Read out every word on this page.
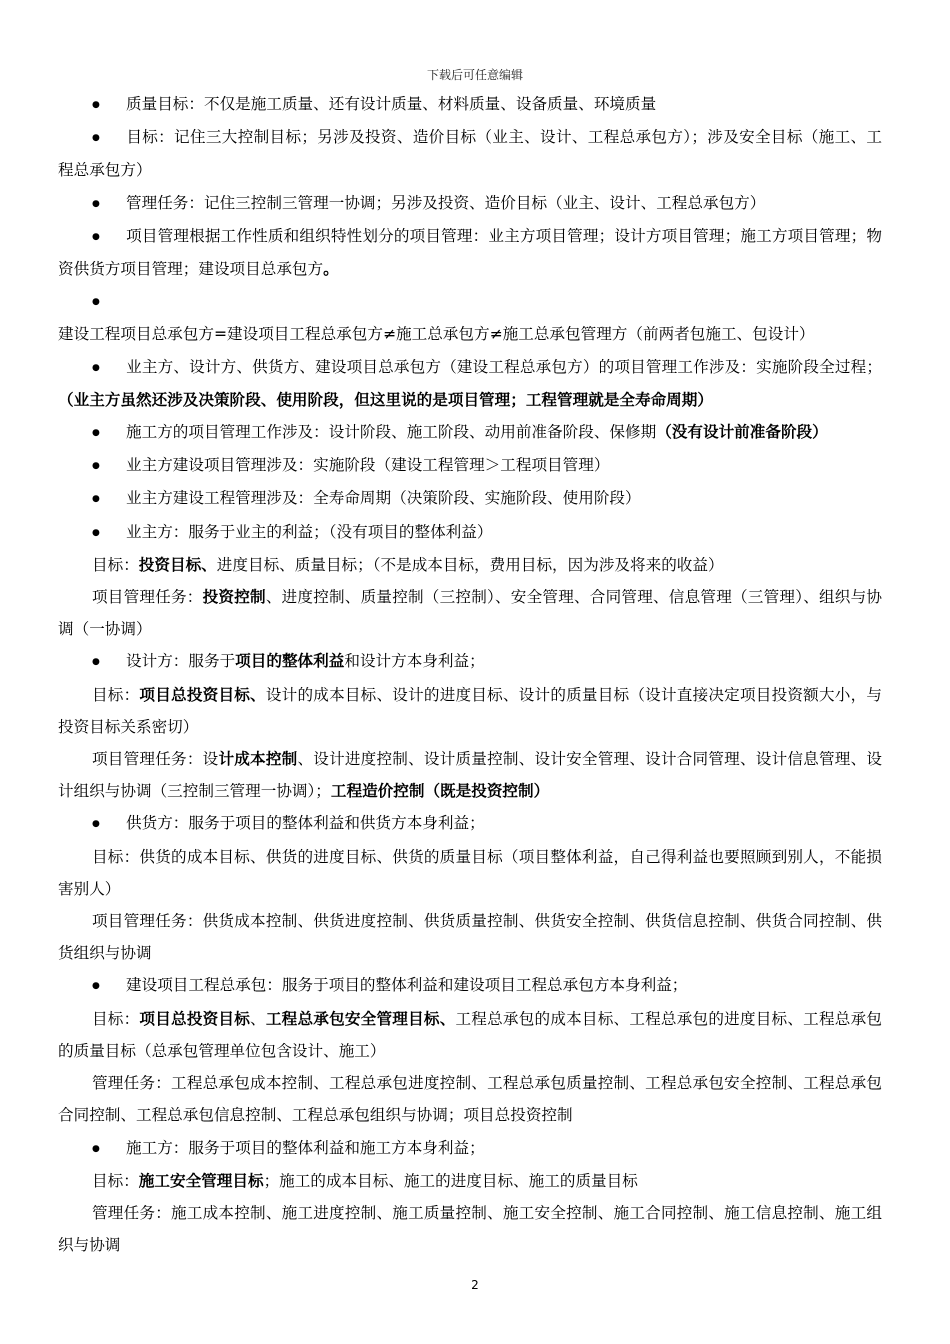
下载后可任意编辑

● 质量目标：不仅是施工质量、还有设计质量、材料质量、设备质量、环境质量

● 目标：记住三大控制目标；另涉及投资、造价目标（业主、设计、工程总承包方）；涉及安全目标（施工、工程总承包方）

● 管理任务：记住三控制三管理一协调；另涉及投资、造价目标（业主、设计、工程总承包方）

● 项目管理根据工作性质和组织特性划分的项目管理：业主方项目管理；设计方项目管理；施工方项目管理；物资供货方项目管理；建设项目总承包方。

●建设工程项目总承包方=建设项目工程总承包方≠施工总承包方≠施工总承包管理方（前两者包施工、包设计）

● 业主方、设计方、供货方、建设项目总承包方（建设工程总承包方）的项目管理工作涉及：实施阶段全过程；（业主方虽然还涉及决策阶段、使用阶段，但这里说的是项目管理；工程管理就是全寿命周期）

● 施工方的项目管理工作涉及：设计阶段、施工阶段、动用前准备阶段、保修期（没有设计前准备阶段）

● 业主方建设项目管理涉及：实施阶段（建设工程管理＞工程项目管理）

● 业主方建设工程管理涉及：全寿命周期（决策阶段、实施阶段、使用阶段）

● 业主方：服务于业主的利益；（没有项目的整体利益）

目标：投资目标、进度目标、质量目标；（不是成本目标，费用目标，因为涉及将来的收益）

项目管理任务：投资控制、进度控制、质量控制（三控制）、安全管理、合同管理、信息管理（三管理）、组织与协调（一协调）

● 设计方：服务于项目的整体利益和设计方本身利益；

目标：项目总投资目标、设计的成本目标、设计的进度目标、设计的质量目标（设计直接决定项目投资额大小，与投资目标关系密切）

项目管理任务：设计成本控制、设计进度控制、设计质量控制、设计安全管理、设计合同管理、设计信息管理、设计组织与协调（三控制三管理一协调）；工程造价控制（既是投资控制）

● 供货方：服务于项目的整体利益和供货方本身利益；

目标：供货的成本目标、供货的进度目标、供货的质量目标（项目整体利益，自己得利益也要照顾到别人，不能损害别人）

项目管理任务：供货成本控制、供货进度控制、供货质量控制、供货安全控制、供货信息控制、供货合同控制、供货组织与协调

● 建设项目工程总承包：服务于项目的整体利益和建设项目工程总承包方本身利益；

目标：项目总投资目标、工程总承包安全管理目标、工程总承包的成本目标、工程总承包的进度目标、工程总承包的质量目标（总承包管理单位包含设计、施工）

管理任务：工程总承包成本控制、工程总承包进度控制、工程总承包质量控制、工程总承包安全控制、工程总承包合同控制、工程总承包信息控制、工程总承包组织与协调；项目总投资控制

● 施工方：服务于项目的整体利益和施工方本身利益；

目标：施工安全管理目标；施工的成本目标、施工的进度目标、施工的质量目标

管理任务：施工成本控制、施工进度控制、施工质量控制、施工安全控制、施工合同控制、施工信息控制、施工组织与协调

2
